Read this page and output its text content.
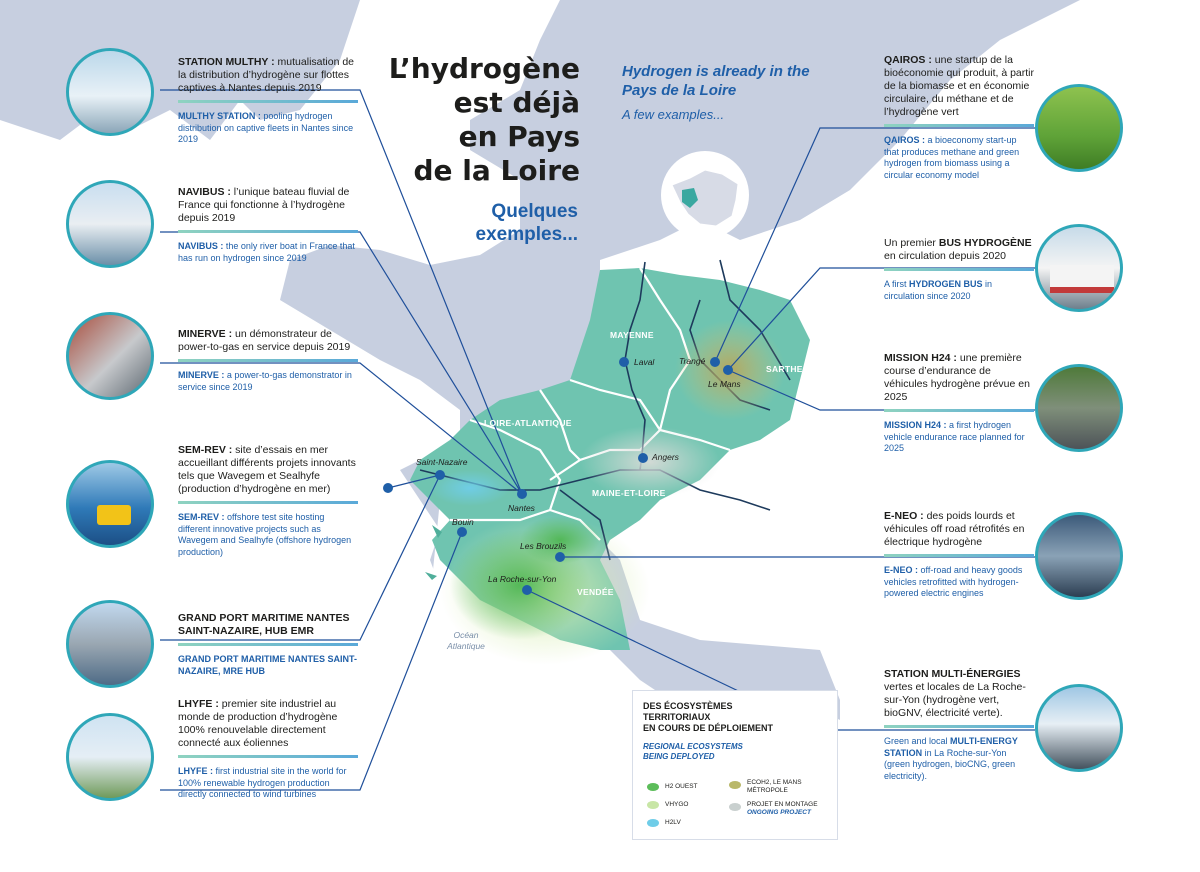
L’hydrogène
est déjà
en Pays
de la Loire
Quelques
exemples...
Hydrogen is already in the Pays de la Loire
A few examples...
MAYENNE
SARTHE
LOIRE-ATLANTIQUE
MAINE-ET-LOIRE
VENDÉE
Laval	Trangé
Le Mans
Angers
Saint-Nazaire
Nantes
Bouin
Les Brouzils
La Roche-sur-Yon
Océan
Atlantique
STATION MULTHY : mutualisation de la distribution d’hydrogène sur flottes captives à Nantes depuis 2019
MULTHY STATION : pooling hydrogen distribution on captive fleets in Nantes since 2019
NAVIBUS : l’unique bateau fluvial de France qui fonctionne à l’hydrogène depuis 2019
NAVIBUS : the only river boat in France that has run on hydrogen since 2019
MINERVE : un démonstrateur de power-to-gas en service depuis 2019
MINERVE : a power-to-gas demonstrator in service since 2019
SEM-REV : site d’essais en mer accueillant différents projets innovants tels que Wavegem et Sealhyfe (production d’hydrogène en mer)
SEM-REV : offshore test site hosting different innovative projects such as Wavegem and Sealhyfe (offshore hydrogen production)
GRAND PORT MARITIME NANTES SAINT-NAZAIRE, HUB EMR
GRAND PORT MARITIME NANTES SAINT-NAZAIRE, MRE HUB
LHYFE : premier site industriel au monde de production d’hydrogène 100% renouvelable directement connecté aux éoliennes
LHYFE : first industrial site in the world for 100% renewable hydrogen production directly connected to wind turbines
QAIROS : une startup de la bioéconomie qui produit, à partir de la biomasse et en économie circulaire, du méthane et de l’hydrogène vert
QAIROS : a bioeconomy start-up that produces methane and green hydrogen from biomass using a circular economy model
Un premier BUS HYDROGÈNE en circulation depuis 2020
A first HYDROGEN BUS in circulation since 2020
MISSION H24 : une première course d’endurance de véhicules hydrogène prévue en 2025
MISSION H24 : a first hydrogen vehicle endurance race planned for 2025
E-NEO : des poids lourds et véhicules off road rétrofités en électrique hydrogène
E-NEO : off-road and heavy goods vehicles retrofitted with hydrogen-powered electric engines
STATION MULTI-ÉNERGIES vertes et locales de La Roche-sur-Yon (hydrogène vert, bioGNV, électricité verte).
Green and local MULTI-ENERGY STATION in La Roche-sur-Yon (green hydrogen, bioCNG, green electricity).
DES ÉCOSYSTÈMES
TERRITORIAUX
EN COURS DE DÉPLOIEMENT
REGIONAL ECOSYSTEMS
BEING DEPLOYED
H2 OUEST
VHYGO
H2LV
ECOH2, LE MANS MÉTROPOLE
PROJET EN MONTAGE
ONGOING PROJECT
